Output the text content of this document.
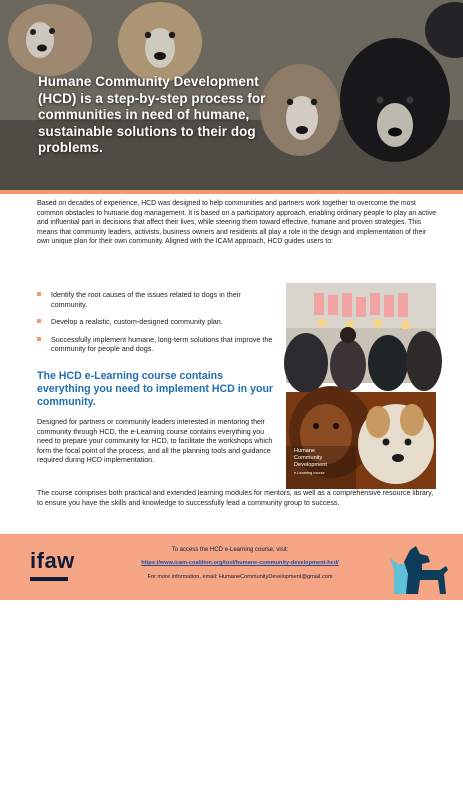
Humane Community Development (HCD) is a step-by-step process for communities in need of humane, sustainable solutions to their dog problems.

Based on decades of experience, HCD was designed to help communities and partners work together to overcome the most common obstacles to humane dog management. It is based on a participatory approach, enabling ordinary people to play an active and influential part in decisions that affect their lives, while steering them toward effective, humane and proven strategies. This means that community leaders, activists, business owners and residents all play a role in the design and implementation of their own unique plan for their own community. Aligned with the ICAM approach, HCD guides users to:

Identify the root causes of the issues related to dogs in their community.
Develop a realistic, custom-designed community plan.
Successfully implement humane, long-term solutions that improve the community for people and dogs.
The HCD e-Learning course contains everything you need to implement HCD in your community.

Designed for partners or community leaders interested in mentoring their community through HCD, the e-Learning course contains everything you need to prepare your community for HCD, to facilitate the workshops which form the focal point of the process, and all the planning tools and guidance required during HCD implementation.

ifaw
Humane
Community
Development
e-Learning course

The course comprises both practical and extended learning modules for mentors, as well as a comprehensive resource library, to ensure you have the skills and knowledge to successfully lead a community group to success.

ifaw	To access the HCD e-Learning course, visit:
https://www.icam-coalition.org/tool/humane-community-development-hcd/
For more information, email: HumaneCommunityDevelopment@gmail.com
